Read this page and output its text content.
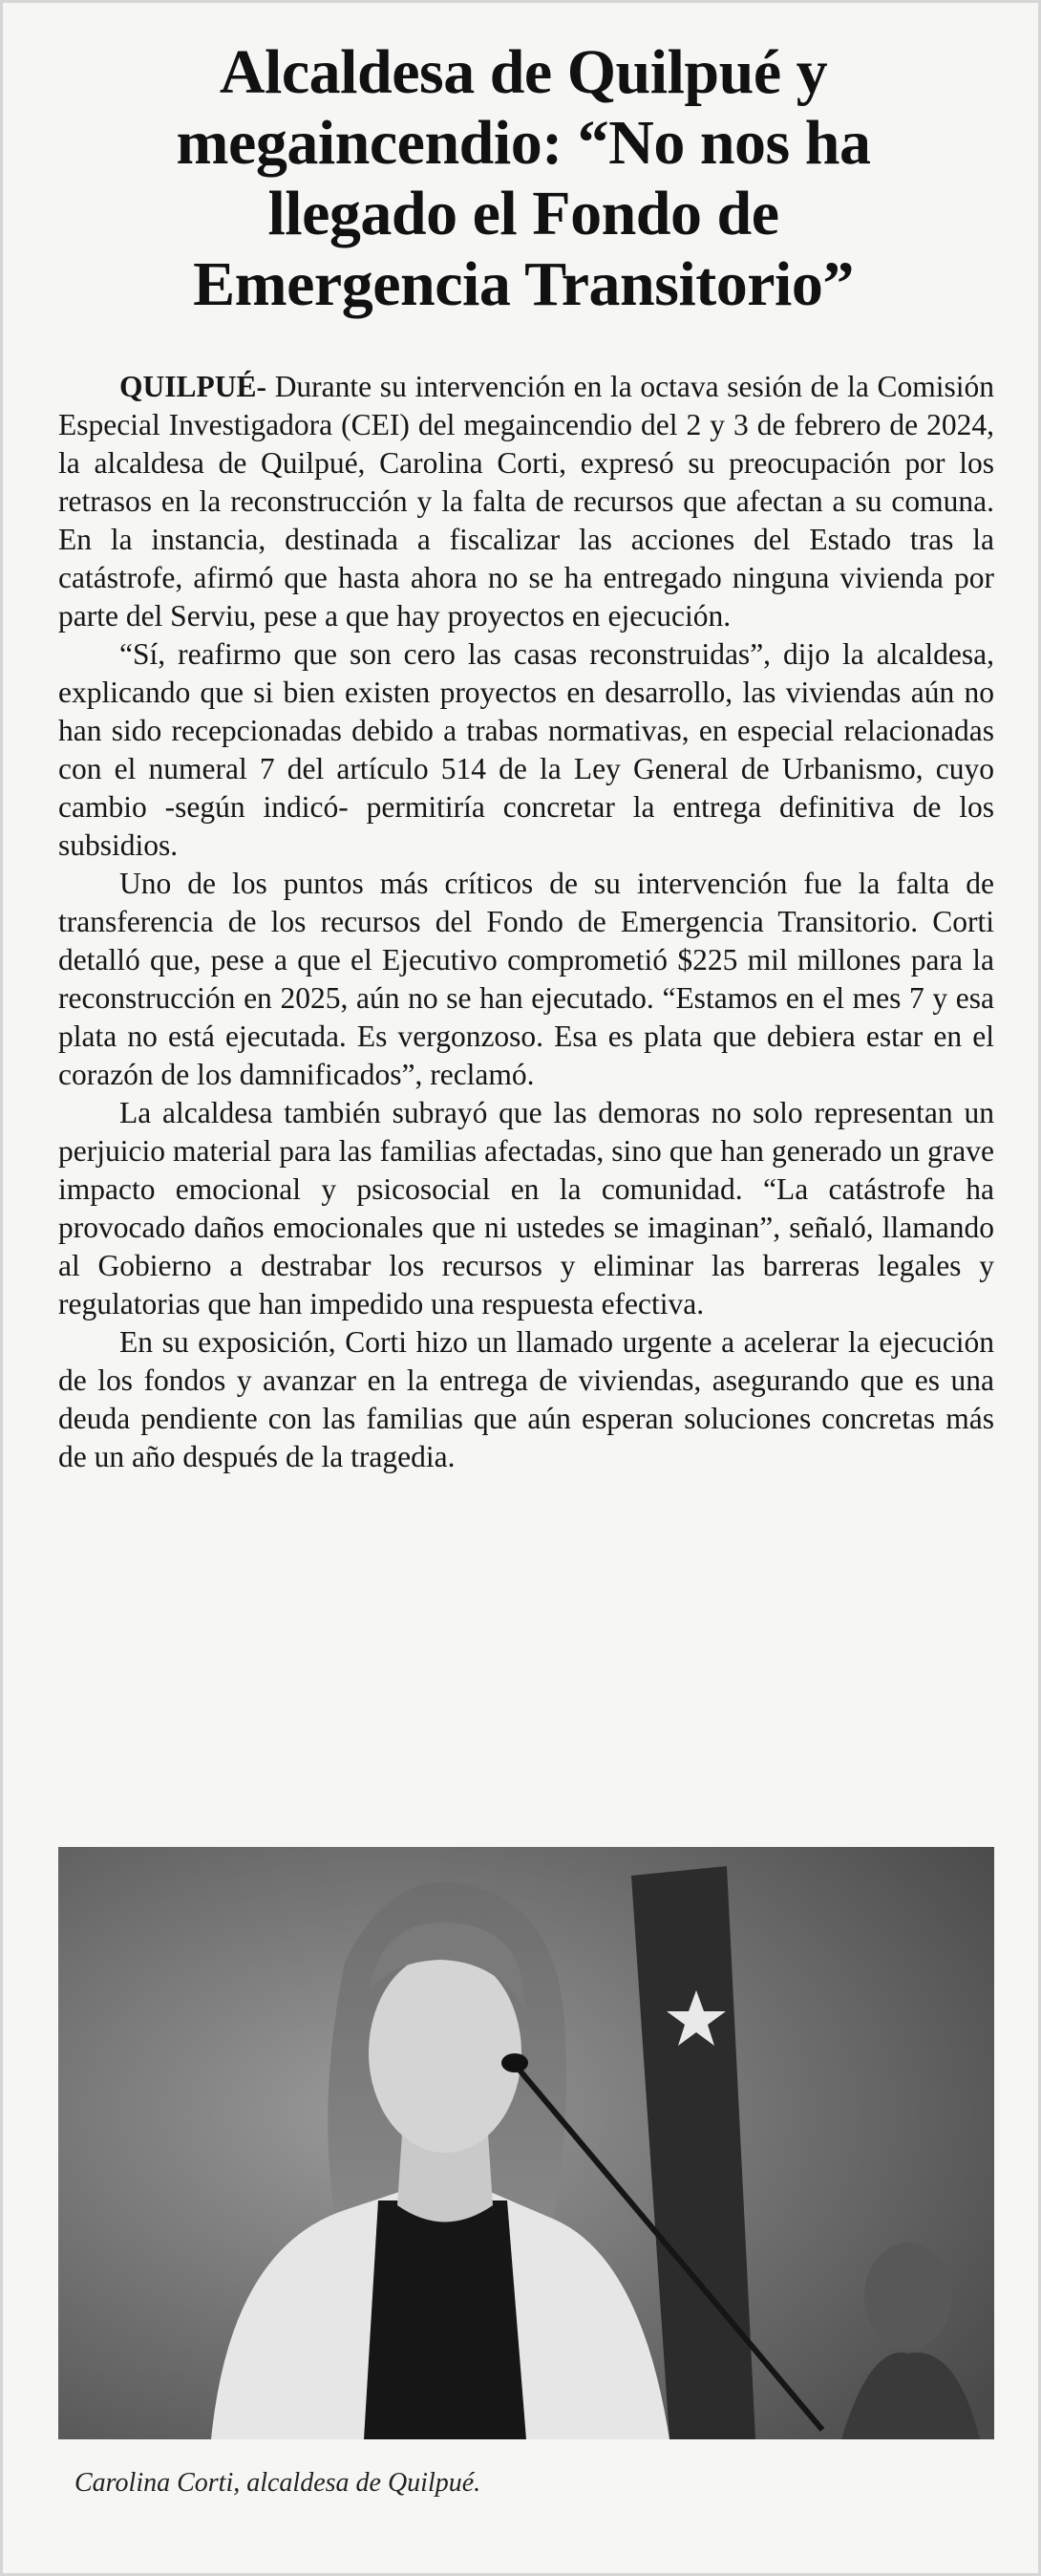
Alcaldesa de Quilpué y megaincendio: “No nos ha llegado el Fondo de Emergencia Transitorio”

QUILPUÉ- Durante su intervención en la octava sesión de la Comisión Especial Investigadora (CEI) del megaincendio del 2 y 3 de febrero de 2024, la alcaldesa de Quilpué, Carolina Corti, expresó su preocupación por los retrasos en la reconstrucción y la falta de recursos que afectan a su comuna. En la instancia, destinada a fiscalizar las acciones del Estado tras la catástrofe, afirmó que hasta ahora no se ha entregado ninguna vivienda por parte del Serviu, pese a que hay proyectos en ejecución.

“Sí, reafirmo que son cero las casas reconstruidas”, dijo la alcaldesa, explicando que si bien existen proyectos en desarrollo, las viviendas aún no han sido recepcionadas debido a trabas normativas, en especial relacionadas con el numeral 7 del artículo 514 de la Ley General de Urbanismo, cuyo cambio -según indicó- permitiría concretar la entrega definitiva de los subsidios.

Uno de los puntos más críticos de su intervención fue la falta de transferencia de los recursos del Fondo de Emergencia Transitorio. Corti detalló que, pese a que el Ejecutivo comprometió $225 mil millones para la reconstrucción en 2025, aún no se han ejecutado. “Estamos en el mes 7 y esa plata no está ejecutada. Es vergonzoso. Esa es plata que debiera estar en el corazón de los damnificados”, reclamó.

La alcaldesa también subrayó que las demoras no solo representan un perjuicio material para las familias afectadas, sino que han generado un grave impacto emocional y psicosocial en la comunidad. “La catástrofe ha provocado daños emocionales que ni ustedes se imaginan”, señaló, llamando al Gobierno a destrabar los recursos y eliminar las barreras legales y regulatorias que han impedido una respuesta efectiva.

En su exposición, Corti hizo un llamado urgente a acelerar la ejecución de los fondos y avanzar en la entrega de viviendas, asegurando que es una deuda pendiente con las familias que aún esperan soluciones concretas más de un año después de la tragedia.

Carolina Corti, alcaldesa de Quilpué.
